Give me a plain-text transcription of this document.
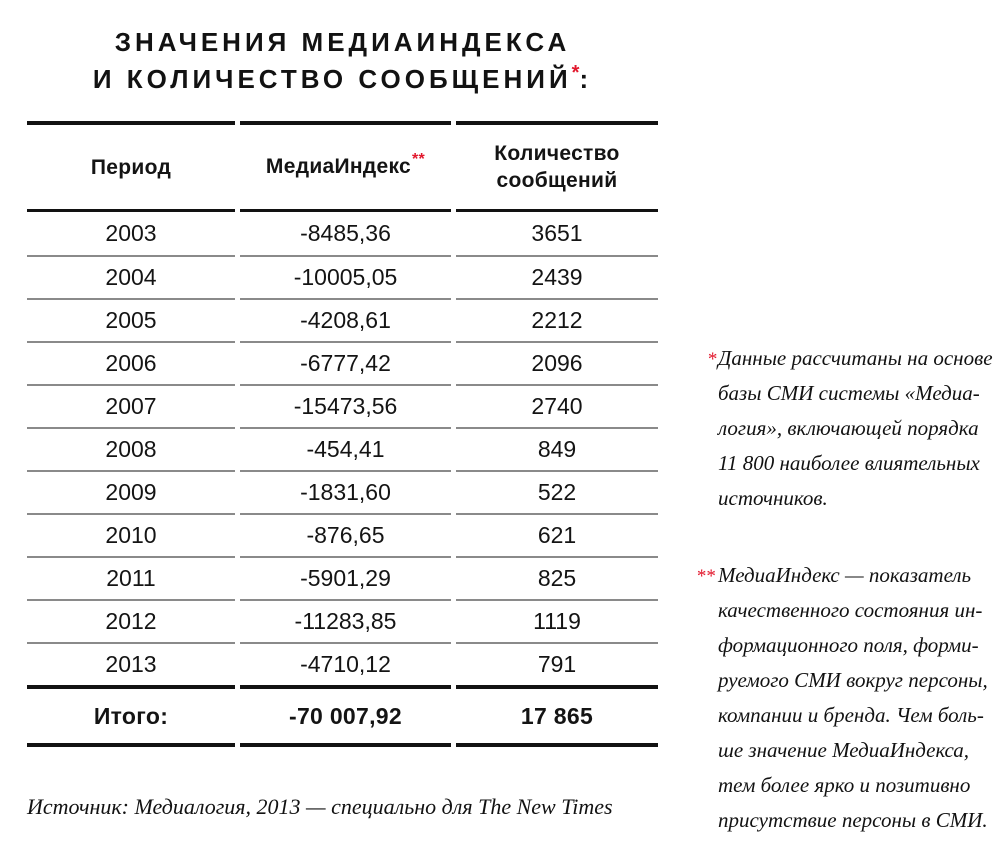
ЗНАЧЕНИЯ МЕДИАИНДЕКСА
И КОЛИЧЕСТВО СООБЩЕНИЙ*:
Период	МедиаИндекс**	Количество
сообщений
2003	-8485,36	3651
2004	-10005,05	2439
2005	-4208,61	2212
2006	-6777,42	2096
2007	-15473,56	2740
2008	-454,41	849
2009	-1831,60	522
2010	-876,65	621
2011	-5901,29	825
2012	-11283,85	1119
2013	-4710,12	791
Итого:	-70 007,92	17 865
Источник: Медиалогия, 2013 — специально для The New Times
* Данные рассчитаны на основе
базы СМИ системы «Медиа-
логия», включающей порядка
11 800 наиболее влиятельных
источников.
** МедиаИндекс — показатель
качественного состояния ин-
формационного поля, форми-
руемого СМИ вокруг персоны,
компании и бренда. Чем боль-
ше значение МедиаИндекса,
тем более ярко и позитивно
присутствие персоны в СМИ.
